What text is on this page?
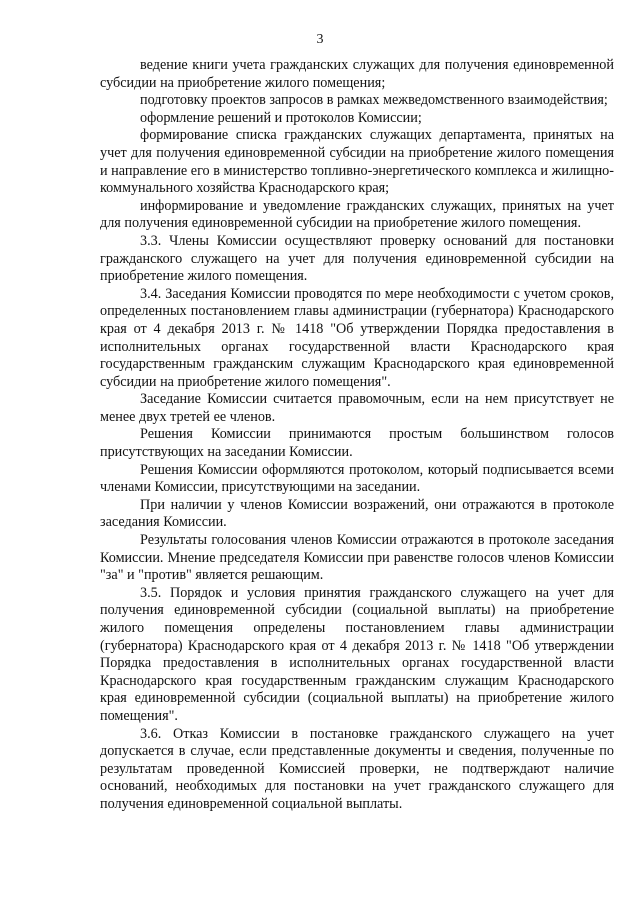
3

ведение книги учета гражданских служащих для получения единовременной субсидии на приобретение жилого помещения;

подготовку проектов запросов в рамках межведомственного взаимодействия;

оформление решений и протоколов Комиссии;

формирование списка гражданских служащих департамента, принятых на учет для получения единовременной субсидии на приобретение жилого помещения и направление его в министерство топливно-энергетического комплекса и жилищно-коммунального хозяйства Краснодарского края;

информирование и уведомление гражданских служащих, принятых на учет для получения единовременной субсидии на приобретение жилого помещения.

3.3. Члены Комиссии осуществляют проверку оснований для постановки гражданского служащего на учет для получения единовременной субсидии на приобретение жилого помещения.

3.4. Заседания Комиссии проводятся по мере необходимости с учетом сроков, определенных постановлением главы администрации (губернатора) Краснодарского края от 4 декабря 2013 г. № 1418 "Об утверждении Порядка предоставления в исполнительных органах государственной власти Краснодарского края государственным гражданским служащим Краснодарского края единовременной субсидии на приобретение жилого помещения".

Заседание Комиссии считается правомочным, если на нем присутствует не менее двух третей ее членов.

Решения Комиссии принимаются простым большинством голосов присутствующих на заседании Комиссии.

Решения Комиссии оформляются протоколом, который подписывается всеми членами Комиссии, присутствующими на заседании.

При наличии у членов Комиссии возражений, они отражаются в протоколе заседания Комиссии.

Результаты голосования членов Комиссии отражаются в протоколе заседания Комиссии. Мнение председателя Комиссии при равенстве голосов членов Комиссии "за" и "против" является решающим.

3.5. Порядок и условия принятия гражданского служащего на учет для получения единовременной субсидии (социальной выплаты) на приобретение жилого помещения определены постановлением главы администрации (губернатора) Краснодарского края от 4 декабря 2013 г. № 1418 "Об утверждении Порядка предоставления в исполнительных органах государственной власти Краснодарского края государственным гражданским служащим Краснодарского края единовременной субсидии (социальной выплаты) на приобретение жилого помещения".

3.6. Отказ Комиссии в постановке гражданского служащего на учет допускается в случае, если представленные документы и сведения, полученные по результатам проведенной Комиссией проверки, не подтверждают наличие оснований, необходимых для постановки на учет гражданского служащего для получения единовременной социальной выплаты.
